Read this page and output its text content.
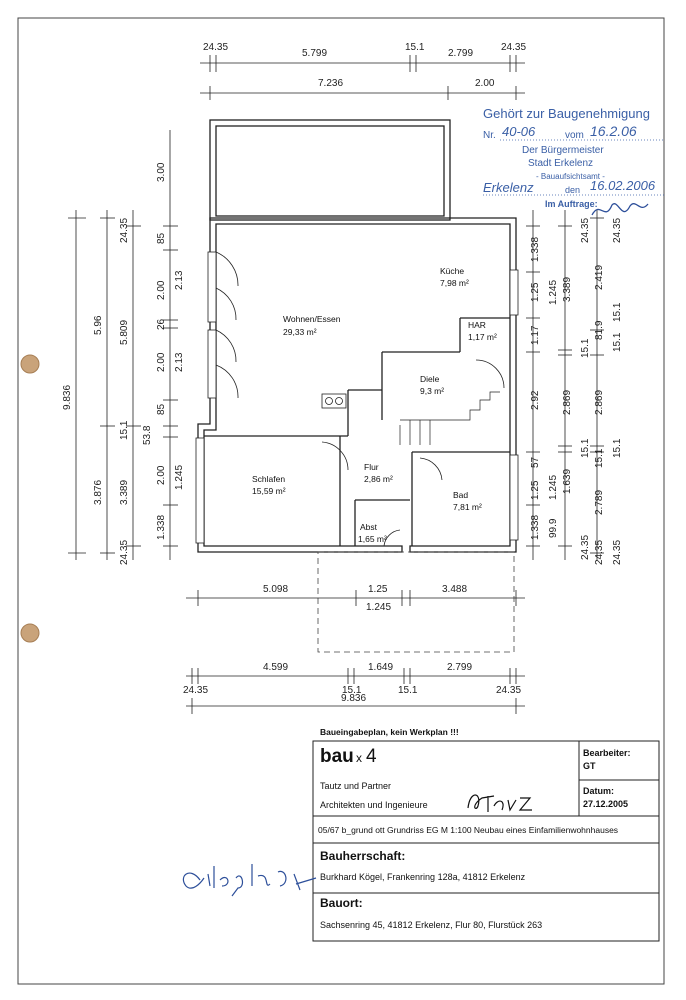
24.35
5.799
15.1
2.799
24.35
7.236	2.00
9.836
5.96
3.876
5.809
3.389
24.35
15.1
24.35
3.00
85
2.00
2.13
26
2.00 2.13
85
53.8
2.00 1.245
1.338
Küche
7,98 m²
HAR
1,17 m²
Wohnen/Essen
29,33 m²
Diele
9,3 m²
Schlafen
15,59 m²
Flur
2,86 m²
Bad
7,81 m²
Abst
1,65 m²
1.338
1.25
1.17
2.92
57
1.25
1.338
1.245 3.389
15.1
2.869
15.1
1.245 1.639
99.9
24.35
24.35
2.419
81.9
2.869
15.1
2.789
24.35
24.35
15.1
15.1
15.1
24.35
5.098	1.25	3.488
1.245
4.599	1.649	2.799
24.35	15.1	15.1	24.35
9.836
Gehört zur Baugenehmigung
Nr. 40-06	vom 16.2.06
Der Bürgermeister
Stadt Erkelenz
- Bauaufsichtsamt -
Erkelenz	den 16.02.2006
Im Auftrage:
Baueingabeplan, kein Werkplan !!!
bau x 4	Bearbeiter:
GT
Tautz und Partner
Architekten und Ingenieure
Datum:
27.12.2005
05/67 b_grund ott Grundriss EG M 1:100 Neubau eines Einfamilienwohnhauses
Bauherrschaft:
Burkhard Kögel, Frankenring 128a, 41812 Erkelenz
Bauort:
Sachsenring 45, 41812 Erkelenz, Flur 80, Flurstück 263
